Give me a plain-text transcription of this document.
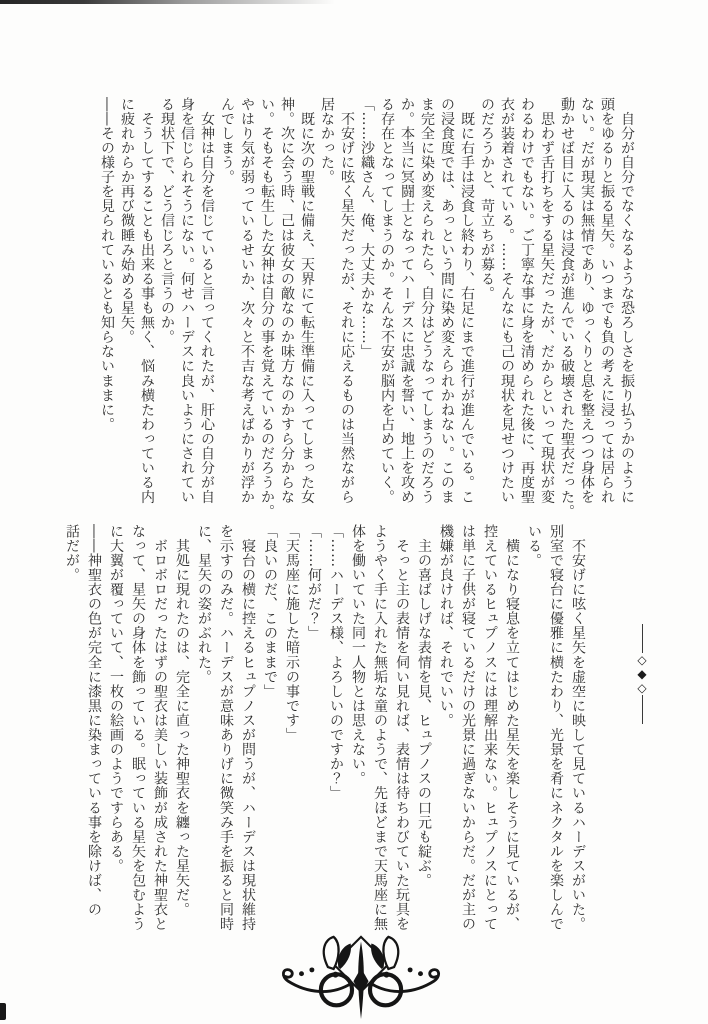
　自分が自分でなくなるような恐ろしさを振り払うかのように

頭をゆるりと振る星矢。いつまでも負の考えに浸っては居られ

ない。だが現実は無情であり、ゆっくりと息を整えつつ身体を

動かせば目に入るのは浸食が進んでいる破壊された聖衣だった。

　思わず舌打ちをする星矢だったが、だからといって現状が変

わるわけでもない。ご丁寧な事に身を清められた後に、再度聖

衣が装着されている。……そんなにも己の現状を見せつけたい

のだろうかと、苛立ちが募る。

　既に右手は浸食し終わり、右足にまで進行が進んでいる。こ

の浸食度では、あっという間に染め変えられかねない。このま

ま完全に染め変えられたら、自分はどうなってしまうのだろう

か。本当に冥闘士となってハーデスに忠誠を誓い、地上を攻め

る存在となってしまうのか。そんな不安が脳内を占めていく。

「……沙織さん、俺、大丈夫かな……」

　不安げに呟く星矢だったが、それに応えるものは当然ながら

居なかった。

　既に次の聖戦に備え、天界にて転生準備に入ってしまった女

神。次に会う時、己は彼女の敵なのか味方なのかすら分からな

い。そもそも転生した女神は自分の事を覚えているのだろうか。

やはり気が弱っているせいか、次々と不吉な考えばかりが浮か

んでしまう。

　女神は自分を信じていると言ってくれたが、肝心の自分が自

身を信じられそうにない。何せハーデスに良いようにされてい

る現状下で、どう信じろと言うのか。

　そうしてすることも出来る事も無く、悩み横たわっている内

に疲れからか再び微睡み始める星矢。

――その様子を見られているとも知らないままに。

◇
◆
◇

　不安げに呟く星矢を虚空に映して見ているハーデスがいた。

別室で寝台に優雅に横たわり、光景を肴にネクタルを楽しんで

いる。

　横になり寝息を立てはじめた星矢を楽しそうに見ているが、

控えているヒュプノスには理解出来ない。ヒュプノスにとって

は単に子供が寝ているだけの光景に過ぎないからだ。だが主の

機嫌が良ければ、それでいい。

　主の喜ばしげな表情を見、ヒュプノスの口元も綻ぶ。

　そっと主の表情を伺い見れば、表情は待ちわびていた玩具を

ようやく手に入れた無垢な童のようで、先ほどまで天馬座に無

体を働いていた同一人物とは思えない。

「……ハーデス様、よろしいのですか？」

「……何がだ？」

「天馬座に施した暗示の事です」

「良いのだ、このままで」

　寝台の横に控えるヒュプノスが問うが、ハーデスは現状維持

を示すのみだ。ハーデスが意味ありげに微笑み手を振ると同時

に、星矢の姿がぶれた。

　其処に現れたのは、完全に直った神聖衣を纏った星矢だ。

　ボロボロだったはずの聖衣は美しい装飾が成された神聖衣と

なって、星矢の身体を飾っている。眠っている星矢を包むよう

に大翼が覆っていて、一枚の絵画のようですらある。

――神聖衣の色が完全に漆黒に染まっている事を除けば、の

話だが。
